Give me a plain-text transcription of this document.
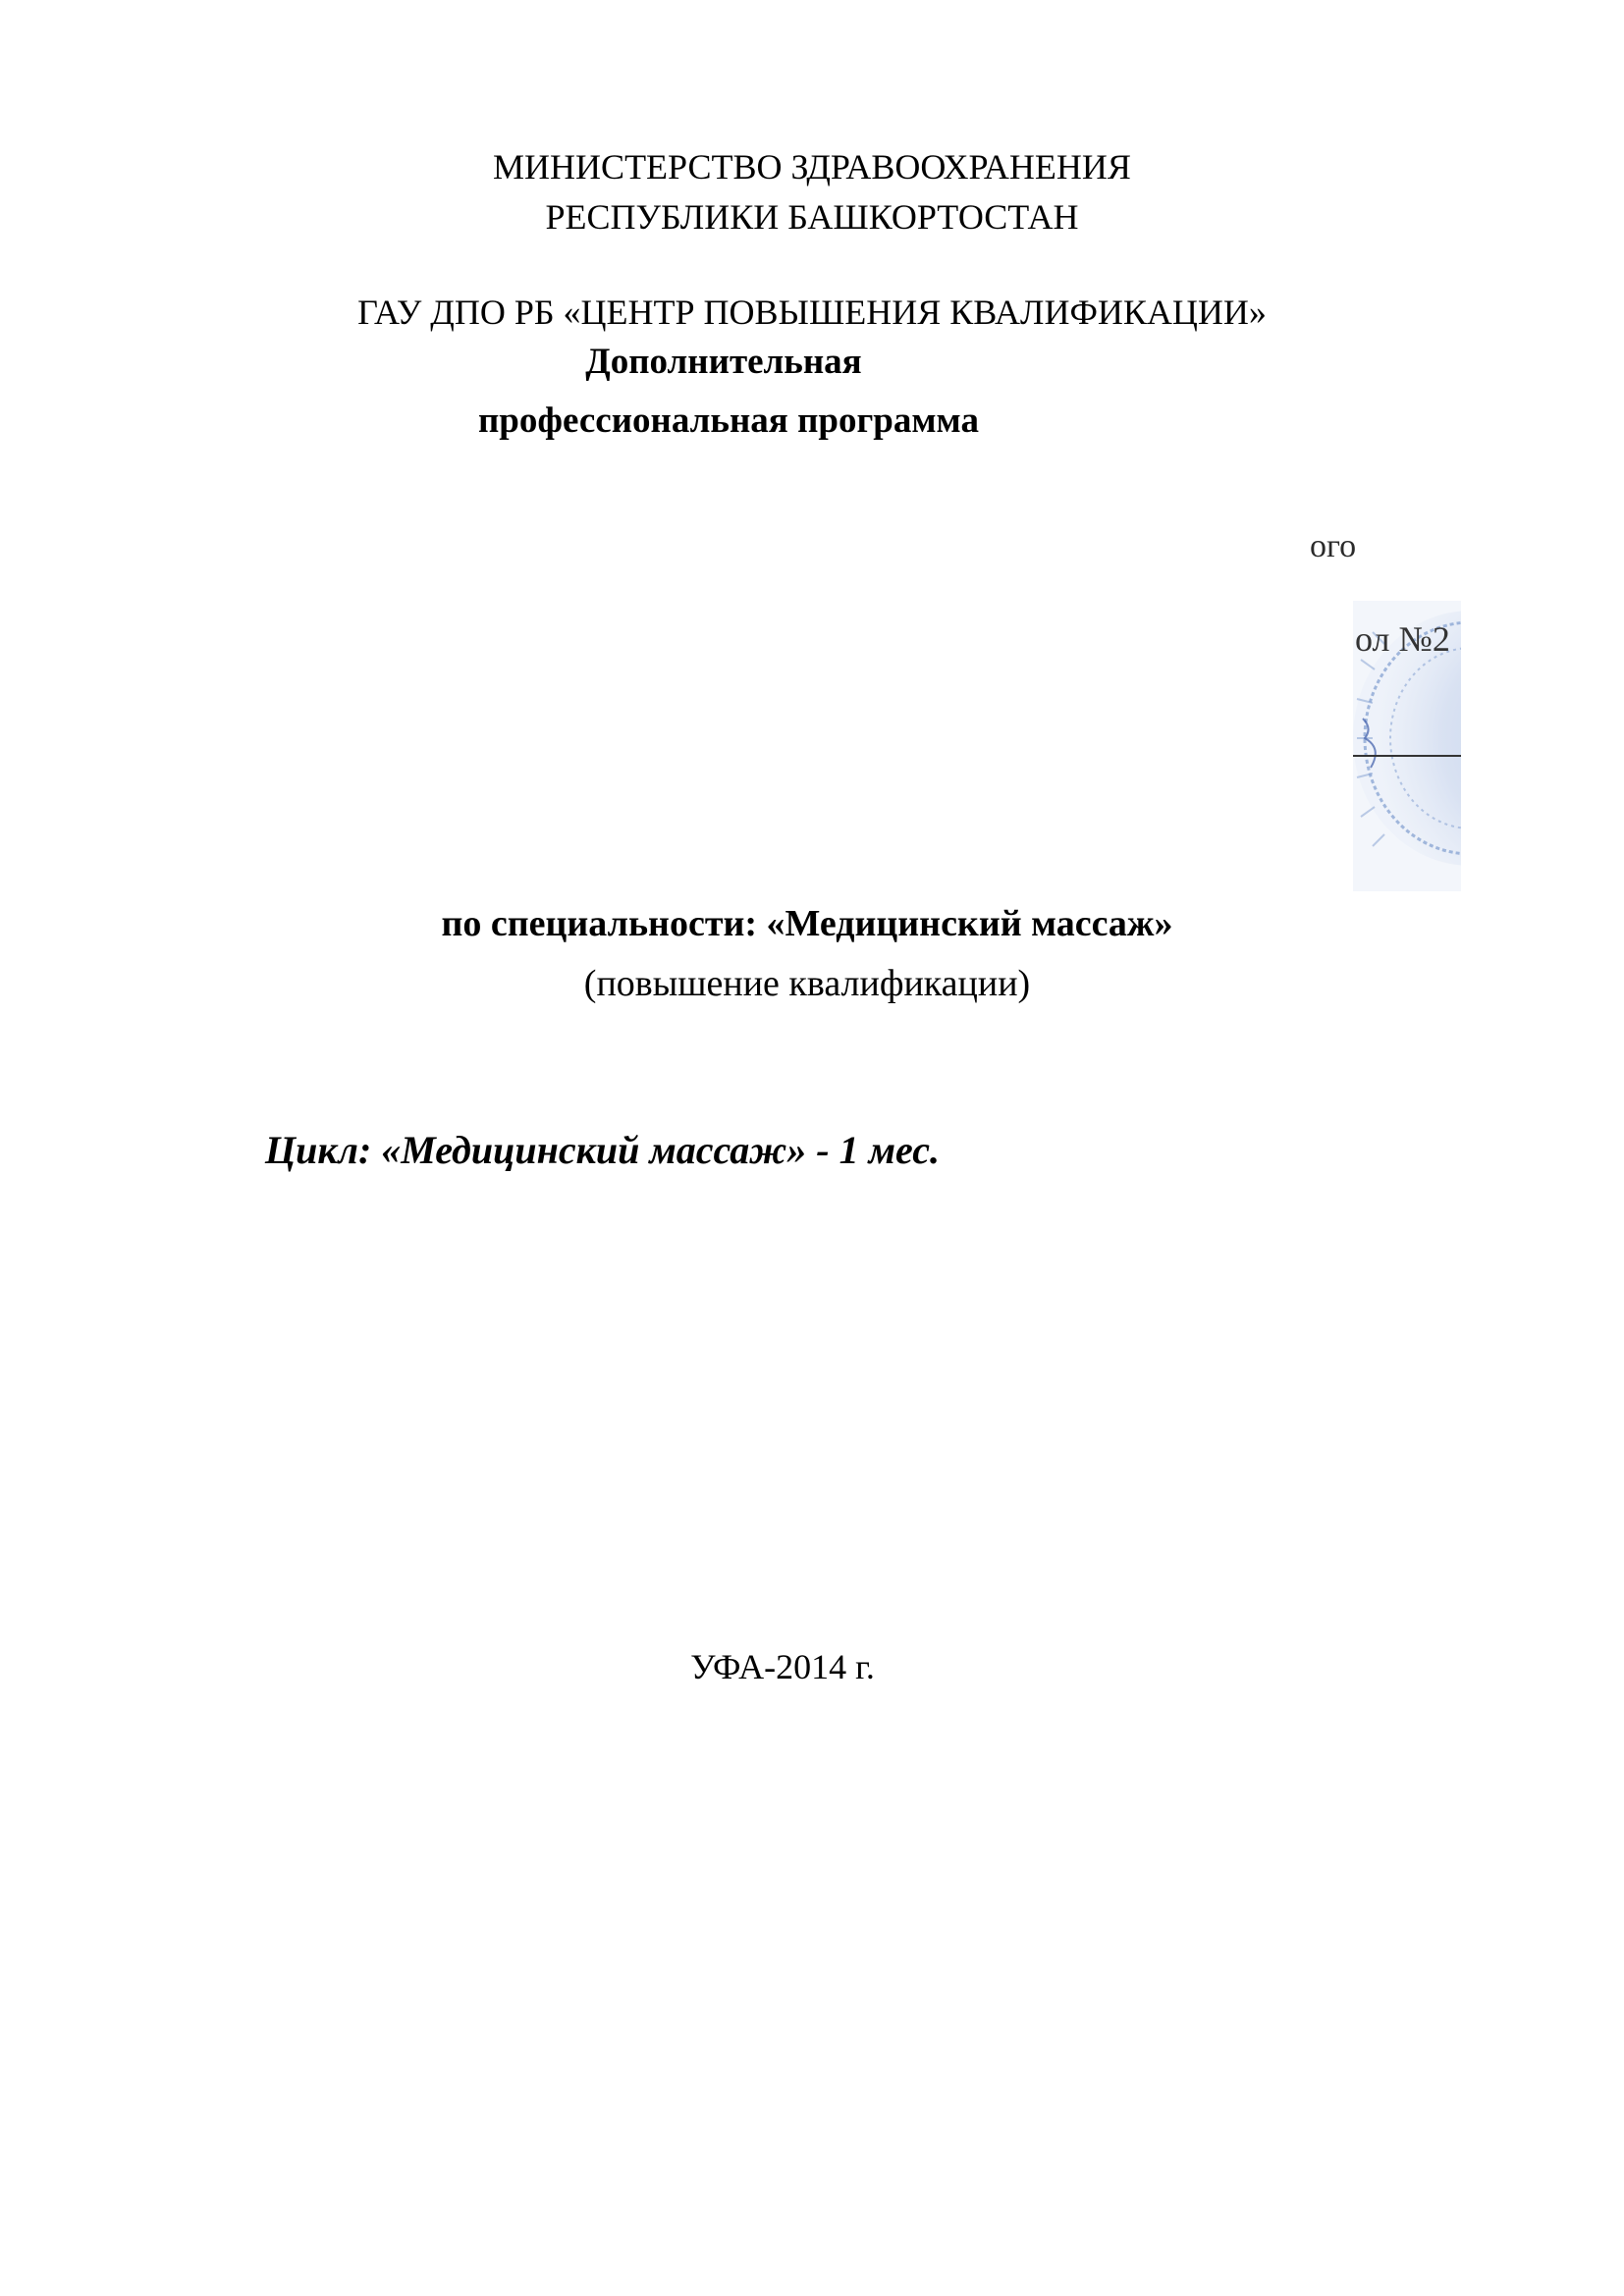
МИНИСТЕРСТВО ЗДРАВООХРАНЕНИЯ
РЕСПУБЛИКИ БАШКОРТОСТАН
ГАУ ДПО РБ «ЦЕНТР ПОВЫШЕНИЯ КВАЛИФИКАЦИИ»
Дополнительная
профессиональная программа
ого
ол №2
по специальности: «Медицинский массаж»
(повышение квалификации)
Цикл: «Медицинский массаж» - 1 мес.
УФА-2014 г.
